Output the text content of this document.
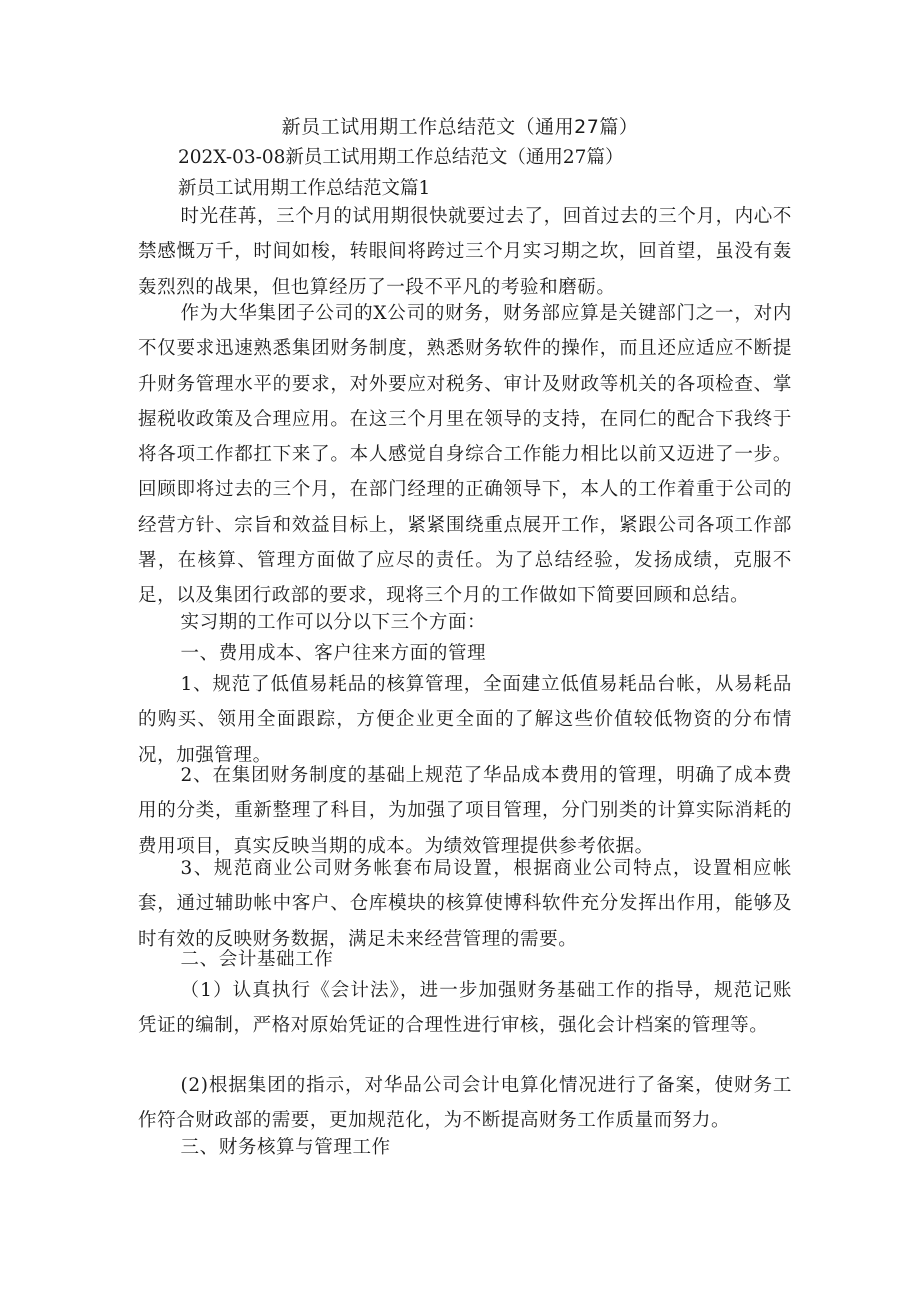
新员工试用期工作总结范文（通用27篇）
202X-03-08新员工试用期工作总结范文（通用27篇）
新员工试用期工作总结范文篇1

时光荏苒，三个月的试用期很快就要过去了，回首过去的三个月，内心不禁感慨万千，时间如梭，转眼间将跨过三个月实习期之坎，回首望，虽没有轰轰烈烈的战果，但也算经历了一段不平凡的考验和磨砺。

作为大华集团子公司的X公司的财务，财务部应算是关键部门之一，对内不仅要求迅速熟悉集团财务制度，熟悉财务软件的操作，而且还应适应不断提升财务管理水平的要求，对外要应对税务、审计及财政等机关的各项检查、掌握税收政策及合理应用。在这三个月里在领导的支持，在同仁的配合下我终于将各项工作都扛下来了。本人感觉自身综合工作能力相比以前又迈进了一步。回顾即将过去的三个月，在部门经理的正确领导下，本人的工作着重于公司的经营方针、宗旨和效益目标上，紧紧围绕重点展开工作，紧跟公司各项工作部署，在核算、管理方面做了应尽的责任。为了总结经验，发扬成绩，克服不足，以及集团行政部的要求，现将三个月的工作做如下简要回顾和总结。

实习期的工作可以分以下三个方面：

一、费用成本、客户往来方面的管理

1、规范了低值易耗品的核算管理，全面建立低值易耗品台帐，从易耗品的购买、领用全面跟踪，方便企业更全面的了解这些价值较低物资的分布情况，加强管理。

2、在集团财务制度的基础上规范了华品成本费用的管理，明确了成本费用的分类，重新整理了科目，为加强了项目管理，分门别类的计算实际消耗的费用项目，真实反映当期的成本。为绩效管理提供参考依据。

3、规范商业公司财务帐套布局设置，根据商业公司特点，设置相应帐套，通过辅助帐中客户、仓库模块的核算使博科软件充分发挥出作用，能够及时有效的反映财务数据，满足未来经营管理的需要。

二、会计基础工作

（1）认真执行《会计法》，进一步加强财务基础工作的指导，规范记账凭证的编制，严格对原始凭证的合理性进行审核，强化会计档案的管理等。

(2)根据集团的指示，对华品公司会计电算化情况进行了备案，使财务工作符合财政部的需要，更加规范化，为不断提高财务工作质量而努力。

三、财务核算与管理工作
